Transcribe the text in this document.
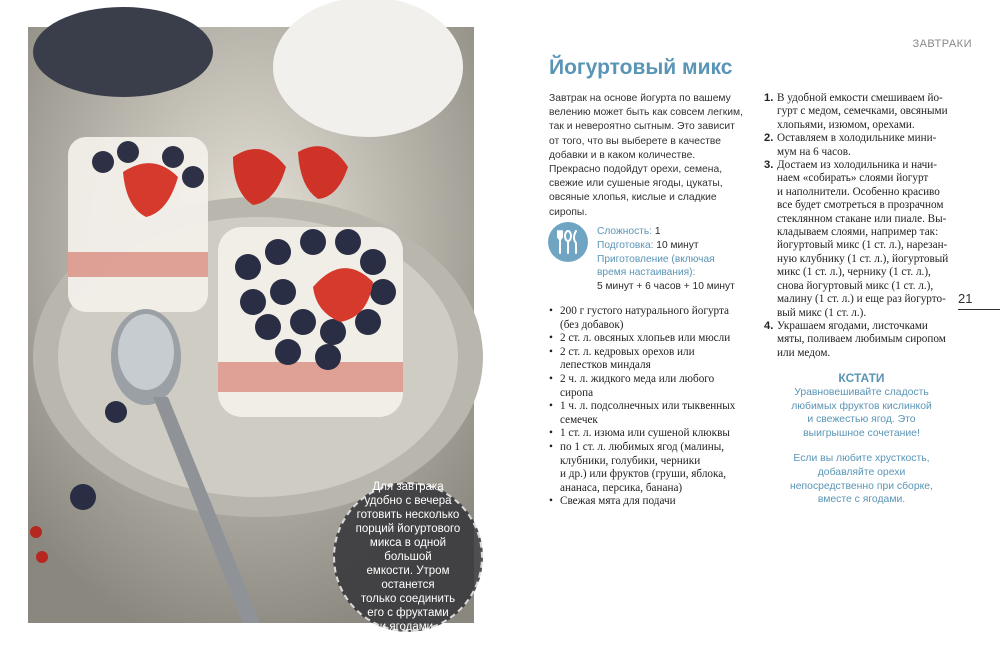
Для завтрака
удобно с вечера
готовить несколько
порций йогуртового
микса в одной большой
емкости. Утром останется
только соединить
его с фруктами
и ягодами.
ЗАВТРАКИ
Йогуртовый микс
Завтрак на основе йогурта по вашему
велению может быть как совсем легким,
так и невероятно сытным. Это зависит
от того, что вы выберете в качестве
добавки и в каком количестве.
Прекрасно подойдут орехи, семена,
свежие или сушеные ягоды, цукаты,
овсяные хлопья, кислые и сладкие
сиропы.
Сложность: 1
Подготовка: 10 минут
Приготовление (включая
время настаивания):
5 минут + 6 часов + 10 минут
• 200 г густого натурального йогурта
(без добавок)
• 2 ст. л. овсяных хлопьев или мюсли
• 2 ст. л. кедровых орехов или
лепестков миндаля
• 2 ч. л. жидкого меда или любого
сиропа
• 1 ч. л. подсолнечных или тыквенных
семечек
• 1 ст. л. изюма или сушеной клюквы
• по 1 ст. л. любимых ягод (малины,
клубники, голубики, черники
и др.) или фруктов (груши, яблока,
ананаса, персика, банана)
• Свежая мята для подачи
1. В удобной емкости смешиваем йо-
гурт с медом, семечками, овсяными
хлопьями, изюмом, орехами.
2. Оставляем в холодильнике мини-
мум на 6 часов.
3. Достаем из холодильника и начи-
наем «собирать» слоями йогурт
и наполнители. Особенно красиво
все будет смотреться в прозрачном
стеклянном стакане или пиале. Вы-
кладываем слоями, например так:
йогуртовый микс (1 ст. л.), нарезан-
ную клубнику (1 ст. л.), йогуртовый
микс (1 ст. л.), чернику (1 ст. л.),
снова йогуртовый микс (1 ст. л.),
малину (1 ст. л.) и еще раз йогурто-
вый микс (1 ст. л.).
4. Украшаем ягодами, листочками
мяты, поливаем любимым сиропом
или медом.
КСТАТИ

Уравновешивайте сладость
любимых фруктов кислинкой
и свежестью ягод. Это
выигрышное сочетание!

Если вы любите хрусткость,
добавляйте орехи
непосредственно при сборке,
вместе с ягодами.

21
